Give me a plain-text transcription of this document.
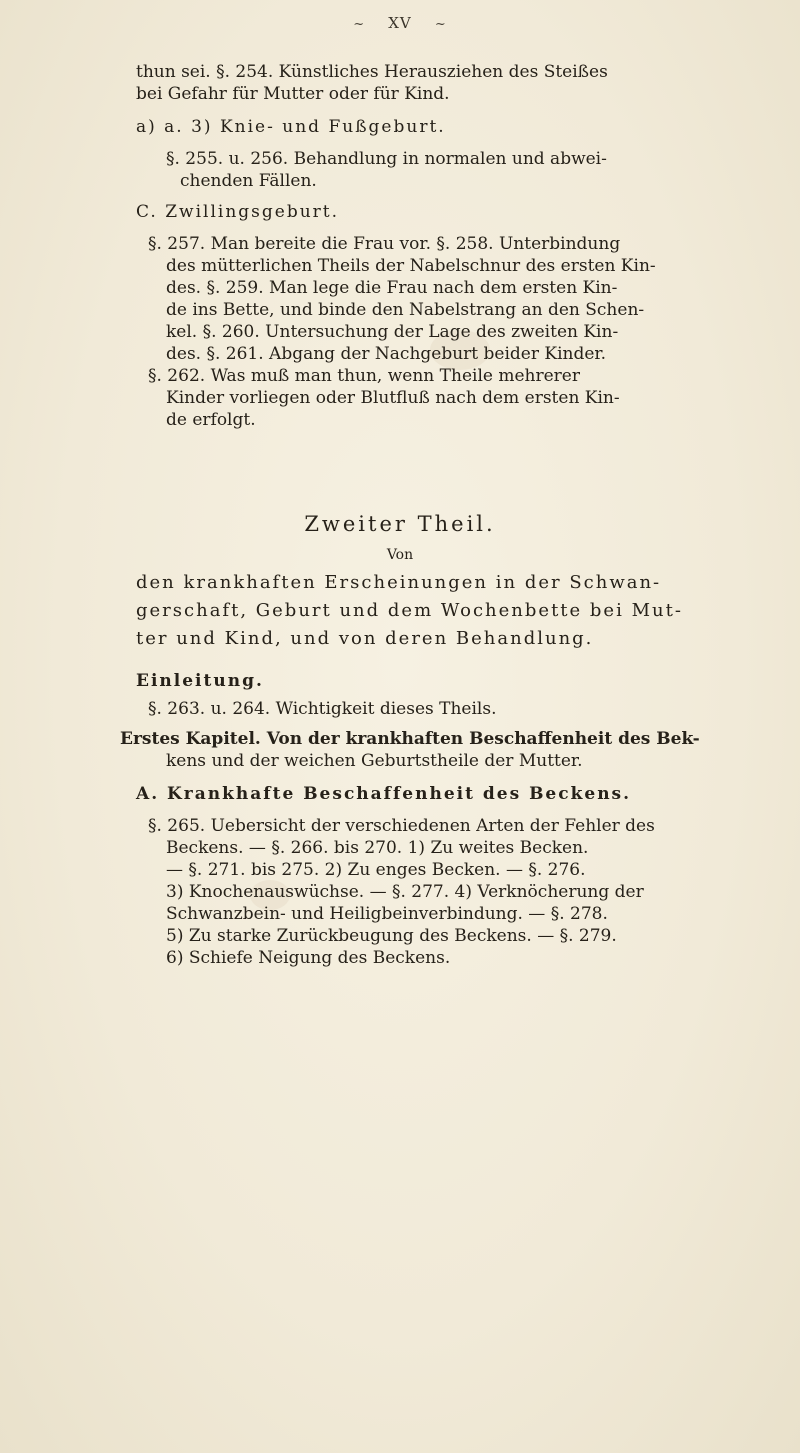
~ XV ~
thun sei. §. 254. Künstliches Herausziehen des Steißes
bei Gefahr für Mutter oder für Kind.
a) a. 3) Knie- und Fußgeburt.
§. 255. u. 256. Behandlung in normalen und abwei-
chenden Fällen.
C. Zwillingsgeburt.
§. 257. Man bereite die Frau vor. §. 258. Unterbindung
des mütterlichen Theils der Nabelschnur des ersten Kin-
des. §. 259. Man lege die Frau nach dem ersten Kin-
de ins Bette, und binde den Nabelstrang an den Schen-
kel. §. 260. Untersuchung der Lage des zweiten Kin-
des. §. 261. Abgang der Nachgeburt beider Kinder.
§. 262. Was muß man thun, wenn Theile mehrerer
Kinder vorliegen oder Blutfluß nach dem ersten Kin-
de erfolgt.
Zweiter Theil.
Von
den krankhaften Erscheinungen in der Schwan-
gerschaft, Geburt und dem Wochenbette bei Mut-
ter und Kind, und von deren Behandlung.
Einleitung.
§. 263. u. 264. Wichtigkeit dieses Theils.
Erstes Kapitel. Von der krankhaften Beschaffenheit des Bek-
kens und der weichen Geburtstheile der Mutter.
A. Krankhafte Beschaffenheit des Beckens.
§. 265. Uebersicht der verschiedenen Arten der Fehler des
Beckens. — §. 266. bis 270. 1) Zu weites Becken.
— §. 271. bis 275. 2) Zu enges Becken. — §. 276.
3) Knochenauswüchse. — §. 277. 4) Verknöcherung der
Schwanzbein- und Heiligbeinverbindung. — §. 278.
5) Zu starke Zurückbeugung des Beckens. — §. 279.
6) Schiefe Neigung des Beckens.
